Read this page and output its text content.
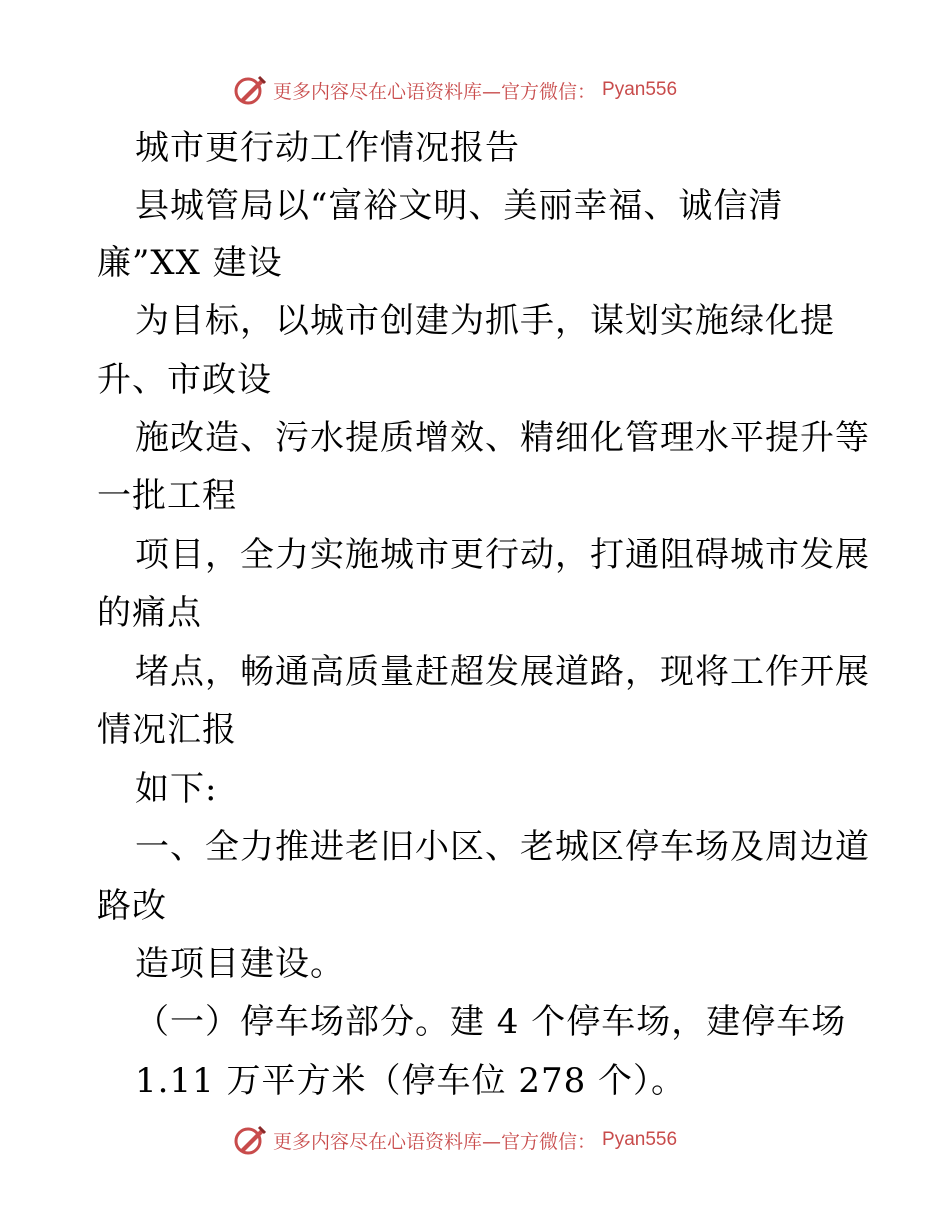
更多内容尽在心语资料库—官方微信： Pyan556
城市更行动工作情况报告
县城管局以“富裕文明、美丽幸福、诚信清
廉”XX 建设
为目标，以城市创建为抓手，谋划实施绿化提
升、市政设
施改造、污水提质增效、精细化管理水平提升等
一批工程
项目，全力实施城市更行动，打通阻碍城市发展
的痛点
堵点，畅通高质量赶超发展道路，现将工作开展
情况汇报
如下:
一、全力推进老旧小区、老城区停车场及周边道
路改
造项目建设。
（一）停车场部分。建 4 个停车场，建停车场
1.11 万平方米（停车位 278 个）。
更多内容尽在心语资料库—官方微信： Pyan556
